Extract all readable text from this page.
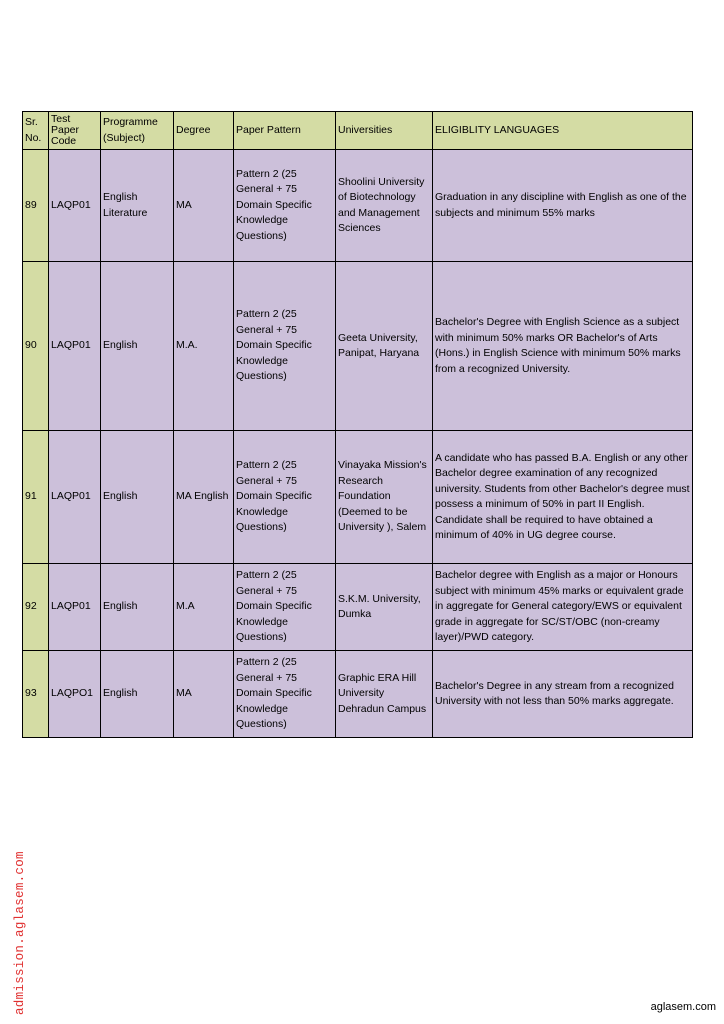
Sr. No.	Test Paper Code	Programme (Subject)	Degree	Paper Pattern	Universities	ELIGIBLITY LANGUAGES
89	LAQP01	English Literature	MA	Pattern 2 (25 General + 75 Domain Specific Knowledge Questions)	Shoolini University of Biotechnology and Management Sciences	Graduation in any discipline with English as one of the subjects and minimum 55% marks
90	LAQP01	English	M.A.	Pattern 2 (25 General + 75 Domain Specific Knowledge Questions)	Geeta University, Panipat, Haryana	Bachelor's Degree with English Science as a subject with minimum 50% marks OR Bachelor's of Arts (Hons.) in English Science with minimum 50% marks from a recognized University.
91	LAQP01	English	MA English	Pattern 2 (25 General + 75 Domain Specific Knowledge Questions)	Vinayaka Mission's Research Foundation (Deemed to be University ), Salem	A candidate who has passed B.A. English or any other Bachelor degree examination of any recognized university. Students from other Bachelor's degree must possess a minimum of 50% in part II English. Candidate shall be required to have obtained a minimum of 40% in UG degree course.
92	LAQP01	English	M.A	Pattern 2 (25 General + 75 Domain Specific Knowledge Questions)	S.K.M. University, Dumka	Bachelor degree with English as a major or Honours subject with minimum 45% marks or equivalent grade in aggregate for General category/EWS or equivalent grade in aggregate for SC/ST/OBC (non-creamy layer)/PWD category.
93	LAQPO1	English	MA	Pattern 2 (25 General + 75 Domain Specific Knowledge Questions)	Graphic ERA Hill University Dehradun Campus	Bachelor's Degree in any stream from a recognized University with not less than 50% marks aggregate.
admission.aglasem.com	aglasem.com
